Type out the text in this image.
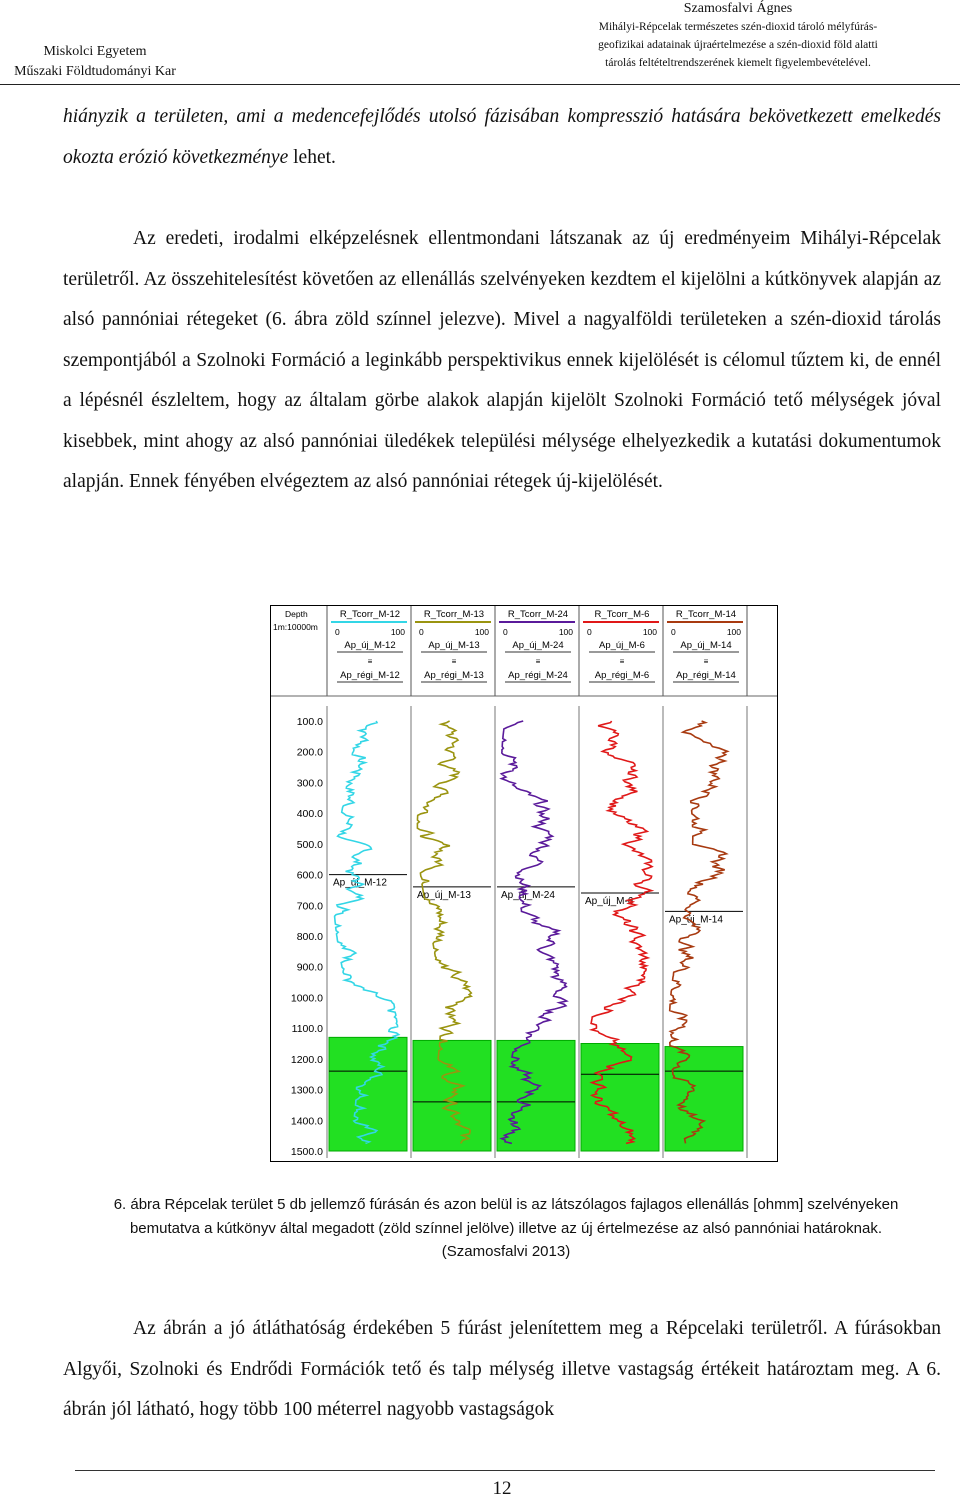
Miskolci Egyetem
Műszaki Földtudományi Kar
Szamosfalvi Ágnes
Mihályi-Répcelak természetes szén-dioxid tároló mélyfúrás-
geofizikai adatainak újraértelmezése a szén-dioxid föld alatti
tárolás feltételtrendszerének kiemelt figyelembevételével.

hiányzik a területen, ami a medencefejlődés utolsó fázisában kompresszió hatására bekövetkezett emelkedés okozta erózió következménye lehet.

Az eredeti, irodalmi elképzelésnek ellentmondani látszanak az új eredményeim Mihályi-Répcelak területről. Az összehitelesítést követően az ellenállás szelvényeken kezdtem el kijelölni a kútkönyvek alapján az alsó pannóniai rétegeket (6. ábra zöld színnel jelezve). Mivel a nagyalföldi területeken a szén-dioxid tárolás szempontjából a Szolnoki Formáció a leginkább perspektivikus ennek kijelölését is célomul tűztem ki, de ennél a lépésnél észleltem, hogy az általam görbe alakok alapján kijelölt Szolnoki Formáció tető mélységek jóval kisebbek, mint ahogy az alsó pannóniai üledékek települési mélysége elhelyezkedik a kutatási dokumentumok alapján. Ennek fényében elvégeztem az alsó pannóniai rétegek új-kijelölését.

Depth
1m:10000m
R_Tcorr_M-12
0	100
Ap_új_M-12
≡
Ap_régi_M-12
R_Tcorr_M-13
0	100
Ap_új_M-13
≡
Ap_régi_M-13
R_Tcorr_M-24
0	100
Ap_új_M-24
≡
Ap_régi_M-24
R_Tcorr_M-6
0	100
Ap_új_M-6
≡
Ap_régi_M-6
R_Tcorr_M-14
0	100
Ap_új_M-14
≡
Ap_régi_M-14
100.0
200.0
300.0
400.0
500.0
600.0
700.0
800.0
900.0
1000.0
1100.0
1200.0
1300.0
1400.0
1500.0
Ap_új_M-12
Ap_új_M-13	Ap_új_M-24
Ap_új_M-6
Ap_új_M-14

6. ábra Répcelak terület 5 db jellemző fúrásán és azon belül is az látszólagos fajlagos ellenállás [ohmm] szelvényeken bemutatva a kútkönyv által megadott (zöld színnel jelölve) illetve az új értelmezése az alsó pannóniai határoknak. (Szamosfalvi 2013)

Az ábrán a jó átláthatóság érdekében 5 fúrást jelenítettem meg a Répcelaki területről. A fúrásokban Algyői, Szolnoki és Endrődi Formációk tető és talp mélység illetve vastagság értékeit határoztam meg. A 6. ábrán jól látható, hogy több 100 méterrel nagyobb vastagságok

12
